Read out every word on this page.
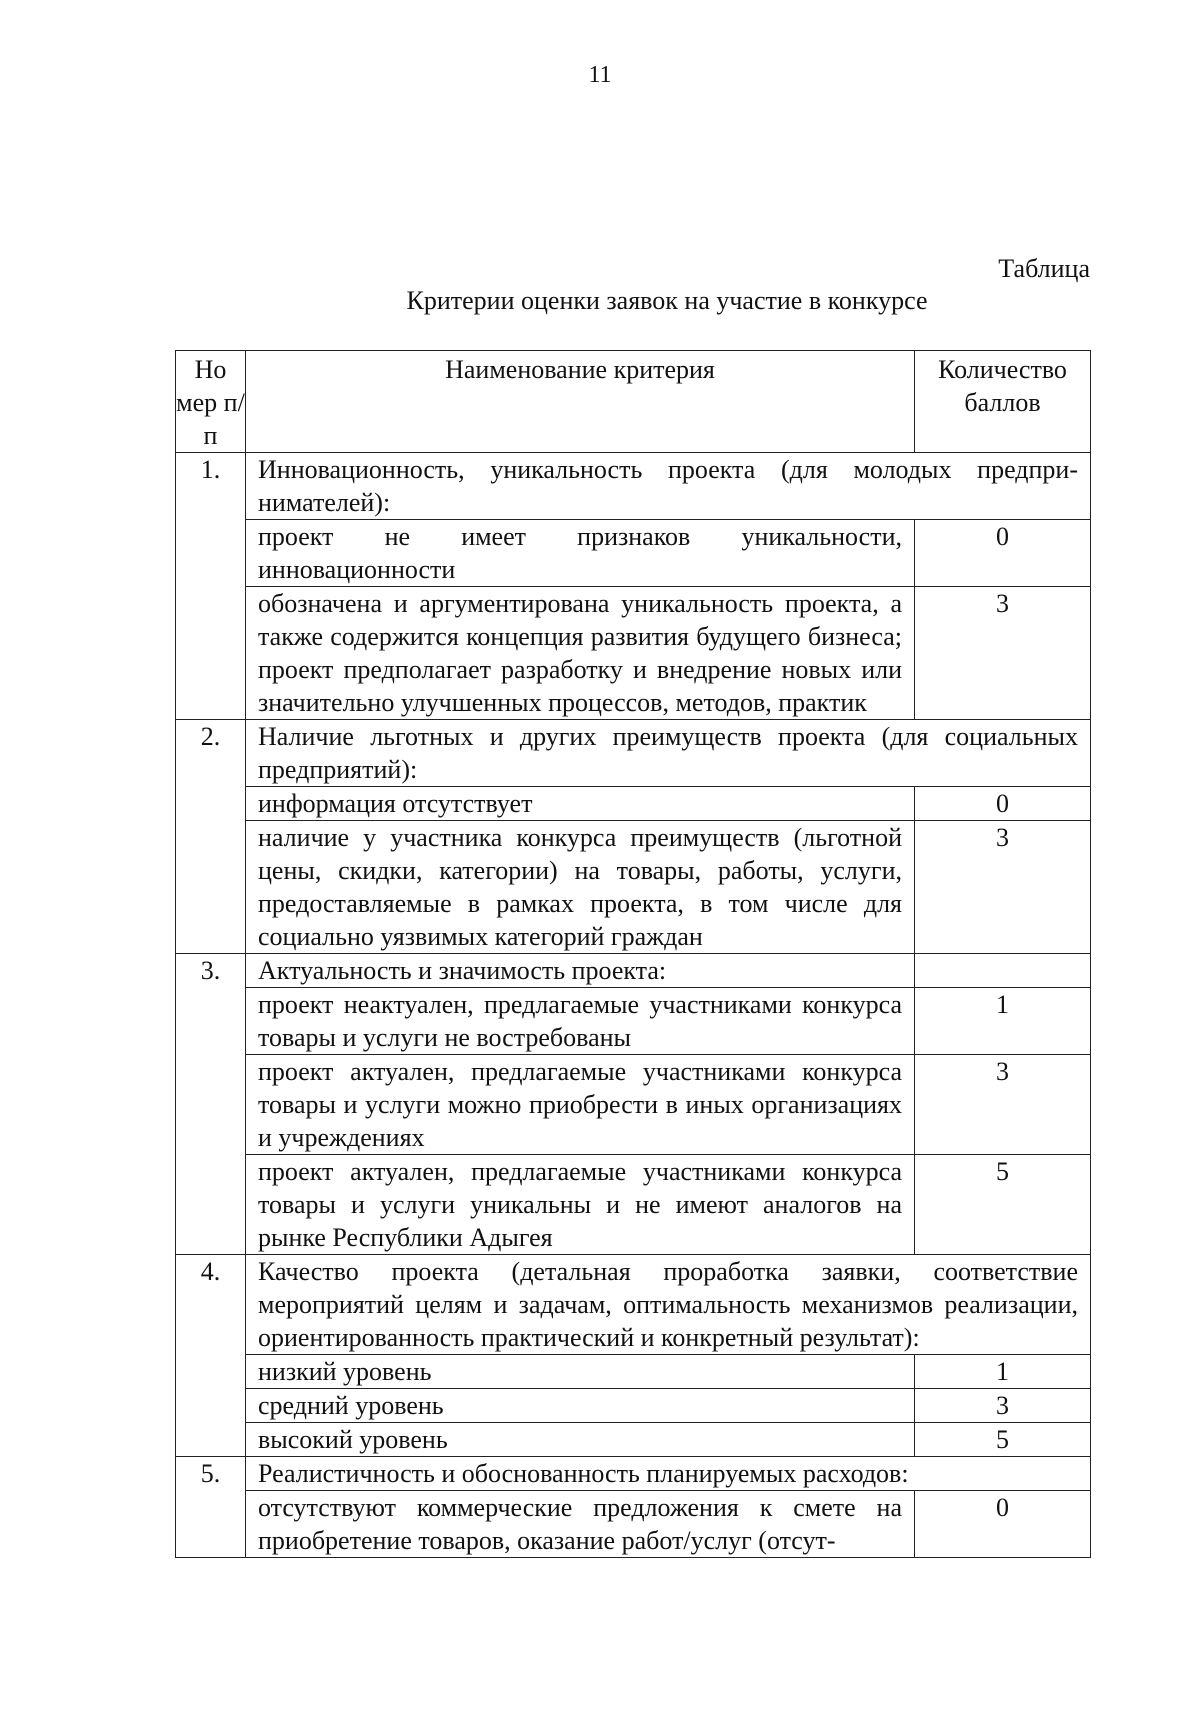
11
Таблица
Критерии оценки заявок на участие в конкурсе
Но мер п/п	Наименование критерия	Количество баллов
1.	Инновационность, уникальность проекта (для молодых предпри-нимателей):	
	проект не имеет признаков уникальности, инновационности	0
	обозначена и аргументирована уникальность проекта, а также содержится концепция развития будущего бизнеса; проект предполагает разработку и внедрение новых или значительно улучшенных процессов, методов, практик	3
2.	Наличие льготных и других преимуществ проекта (для социальных предприятий):	
	информация отсутствует	0
	наличие у участника конкурса преимуществ (льготной цены, скидки, категории) на товары, работы, услуги, предоставляемые в рамках проекта, в том числе для социально уязвимых категорий граждан	3
3.	Актуальность и значимость проекта:	
	проект неактуален, предлагаемые участниками конкурса товары и услуги не востребованы	1
	проект актуален, предлагаемые участниками конкурса товары и услуги можно приобрести в иных организациях и учреждениях	3
	проект актуален, предлагаемые участниками конкурса товары и услуги уникальны и не имеют аналогов на рынке Республики Адыгея	5
4.	Качество проекта (детальная проработка заявки, соответствие мероприятий целям и задачам, оптимальность механизмов реализации, ориентированность практический и конкретный результат):	
	низкий уровень	1
	средний уровень	3
	высокий уровень	5
5.	Реалистичность и обоснованность планируемых расходов:	
	отсутствуют коммерческие предложения к смете на приобретение товаров, оказание работ/услуг (отсут-	0
